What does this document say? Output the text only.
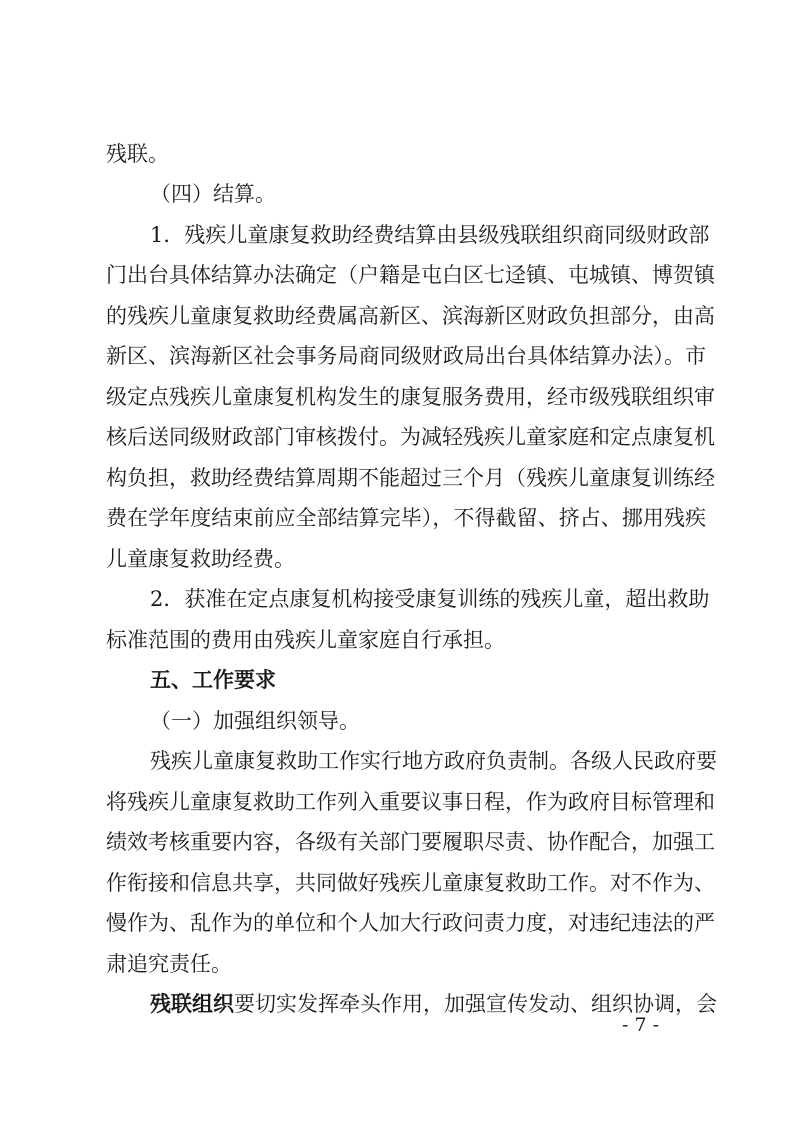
残联。
（四）结算。
1．残疾儿童康复救助经费结算由县级残联组织商同级财政部
门出台具体结算办法确定（户籍是屯白区七迳镇、屯城镇、博贺镇
的残疾儿童康复救助经费属高新区、滨海新区财政负担部分，由高
新区、滨海新区社会事务局商同级财政局出台具体结算办法）。市
级定点残疾儿童康复机构发生的康复服务费用，经市级残联组织审
核后送同级财政部门审核拨付。为减轻残疾儿童家庭和定点康复机
构负担，救助经费结算周期不能超过三个月（残疾儿童康复训练经
费在学年度结束前应全部结算完毕），不得截留、挤占、挪用残疾
儿童康复救助经费。
2．获准在定点康复机构接受康复训练的残疾儿童，超出救助
标准范围的费用由残疾儿童家庭自行承担。
五、工作要求
（一）加强组织领导。
残疾儿童康复救助工作实行地方政府负责制。各级人民政府要
将残疾儿童康复救助工作列入重要议事日程，作为政府目标管理和
绩效考核重要内容，各级有关部门要履职尽责、协作配合，加强工
作衔接和信息共享，共同做好残疾儿童康复救助工作。对不作为、
慢作为、乱作为的单位和个人加大行政问责力度，对违纪违法的严
肃追究责任。
残联组织要切实发挥牵头作用，加强宣传发动、组织协调，会
- 7 -
